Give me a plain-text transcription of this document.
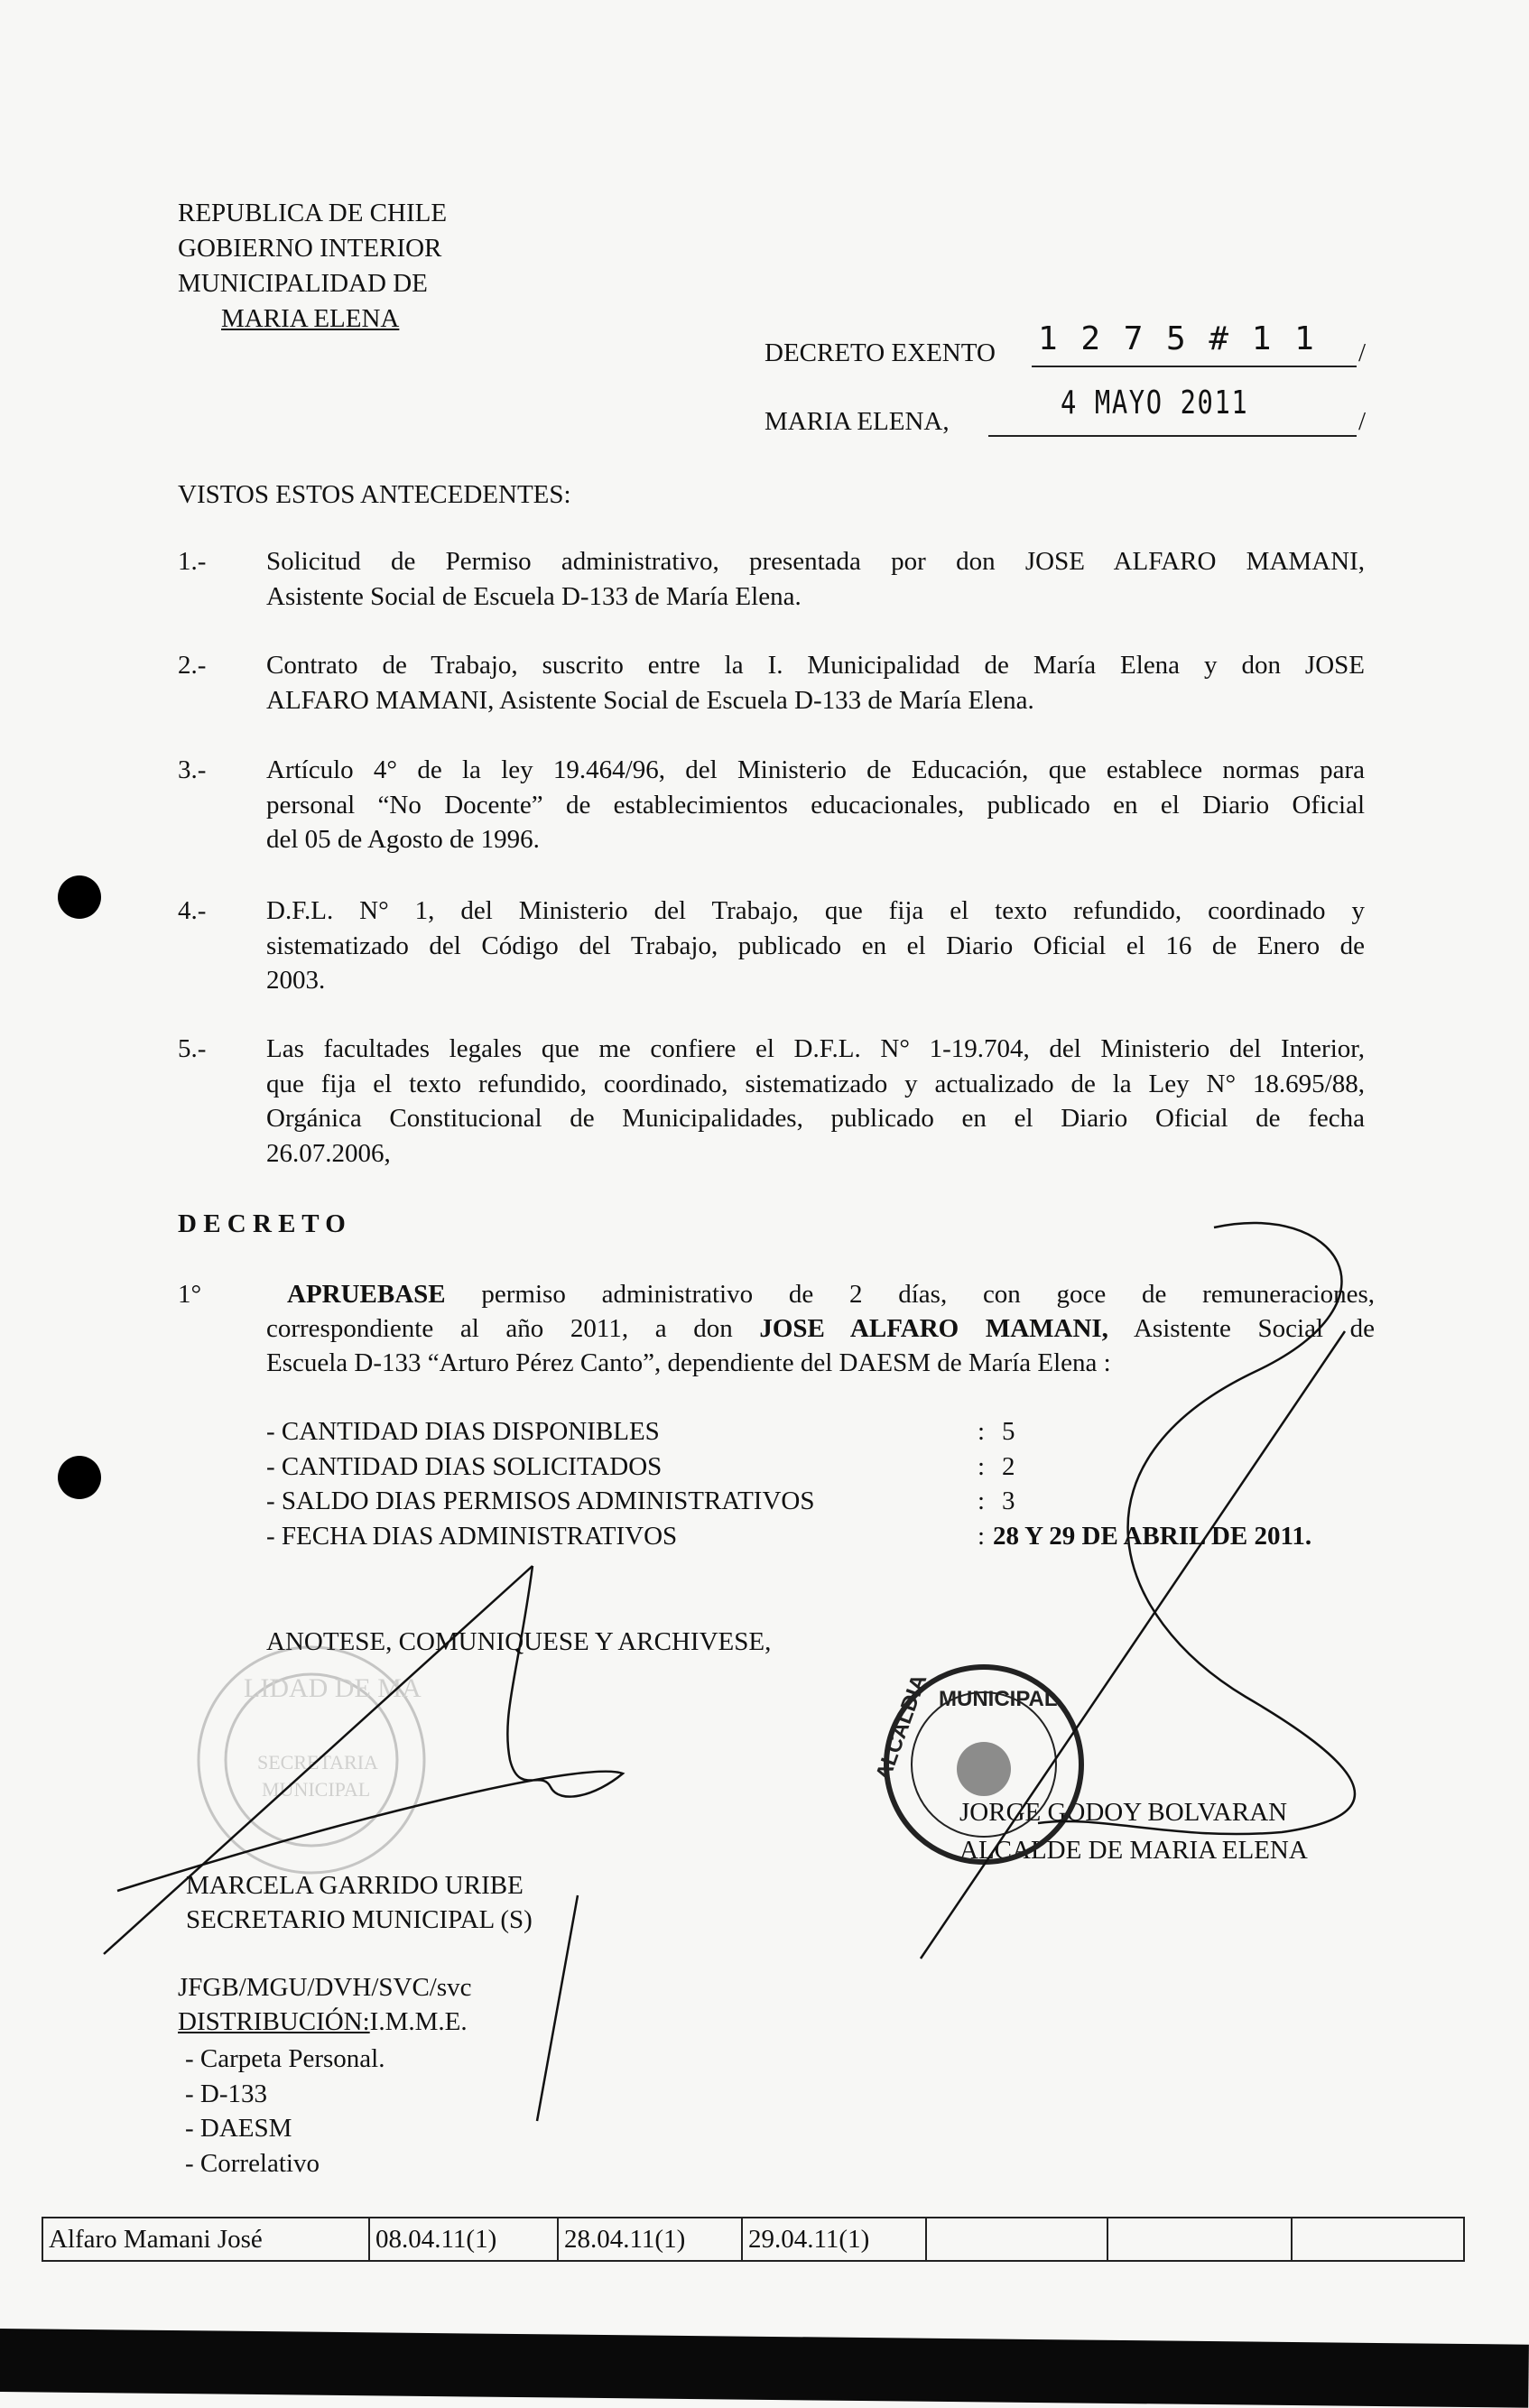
REPUBLICA DE CHILE
GOBIERNO INTERIOR
MUNICIPALIDAD DE
MARIA ELENA
DECRETO EXENTO 1 2 7 5 # 1 1 /
MARIA ELENA,	4 MAYO 2011	/
VISTOS ESTOS ANTECEDENTES:
1.- Solicitud de Permiso administrativo, presentada por don JOSE ALFARO MAMANI,
Asistente Social de Escuela D-133 de María Elena.
2.- Contrato de Trabajo, suscrito entre la I. Municipalidad de María Elena y don JOSE
ALFARO MAMANI, Asistente Social de Escuela D-133 de María Elena.
3.- Artículo 4° de la ley 19.464/96, del Ministerio de Educación, que establece normas para
personal “No Docente” de establecimientos educacionales, publicado en el Diario Oficial
del 05 de Agosto de 1996.
4.- D.F.L. N° 1, del Ministerio del Trabajo, que fija el texto refundido, coordinado y
sistematizado del Código del Trabajo, publicado en el Diario Oficial el 16 de Enero de
2003.
5.- Las facultades legales que me confiere el D.F.L. N° 1-19.704, del Ministerio del Interior,
que fija el texto refundido, coordinado, sistematizado y actualizado de la Ley N° 18.695/88,
Orgánica Constitucional de Municipalidades, publicado en el Diario Oficial de fecha
26.07.2006,
D E C R E T O
1°	APRUEBASE permiso administrativo de 2 días, con goce de remuneraciones,
correspondiente al año 2011, a don JOSE ALFARO MAMANI, Asistente Social de
Escuela D-133 “Arturo Pérez Canto”, dependiente del DAESM de María Elena :
- CANTIDAD DIAS DISPONIBLES	: 5
- CANTIDAD DIAS SOLICITADOS	: 2
- SALDO DIAS PERMISOS ADMINISTRATIVOS	: 3
- FECHA DIAS ADMINISTRATIVOS	: 28 Y 29 DE ABRIL DE 2011.
ANOTESE, COMUNIQUESE Y ARCHIVESE,
MARCELA GARRIDO URIBE
SECRETARIO MUNICIPAL (S)
JORGE GODOY BOLVARAN
ALCALDE DE MARIA ELENA
JFGB/MGU/DVH/SVC/svc
DISTRIBUCIÓN:I.M.M.E.
- Carpeta Personal.
- D-133
- DAESM
- Correlativo
Alfaro Mamani José	08.04.11(1)	28.04.11(1)	29.04.11(1)			
LIDAD DE MA
SECRETARIA
MUNICIPAL
MUNICIPAL
ALCALDIA
